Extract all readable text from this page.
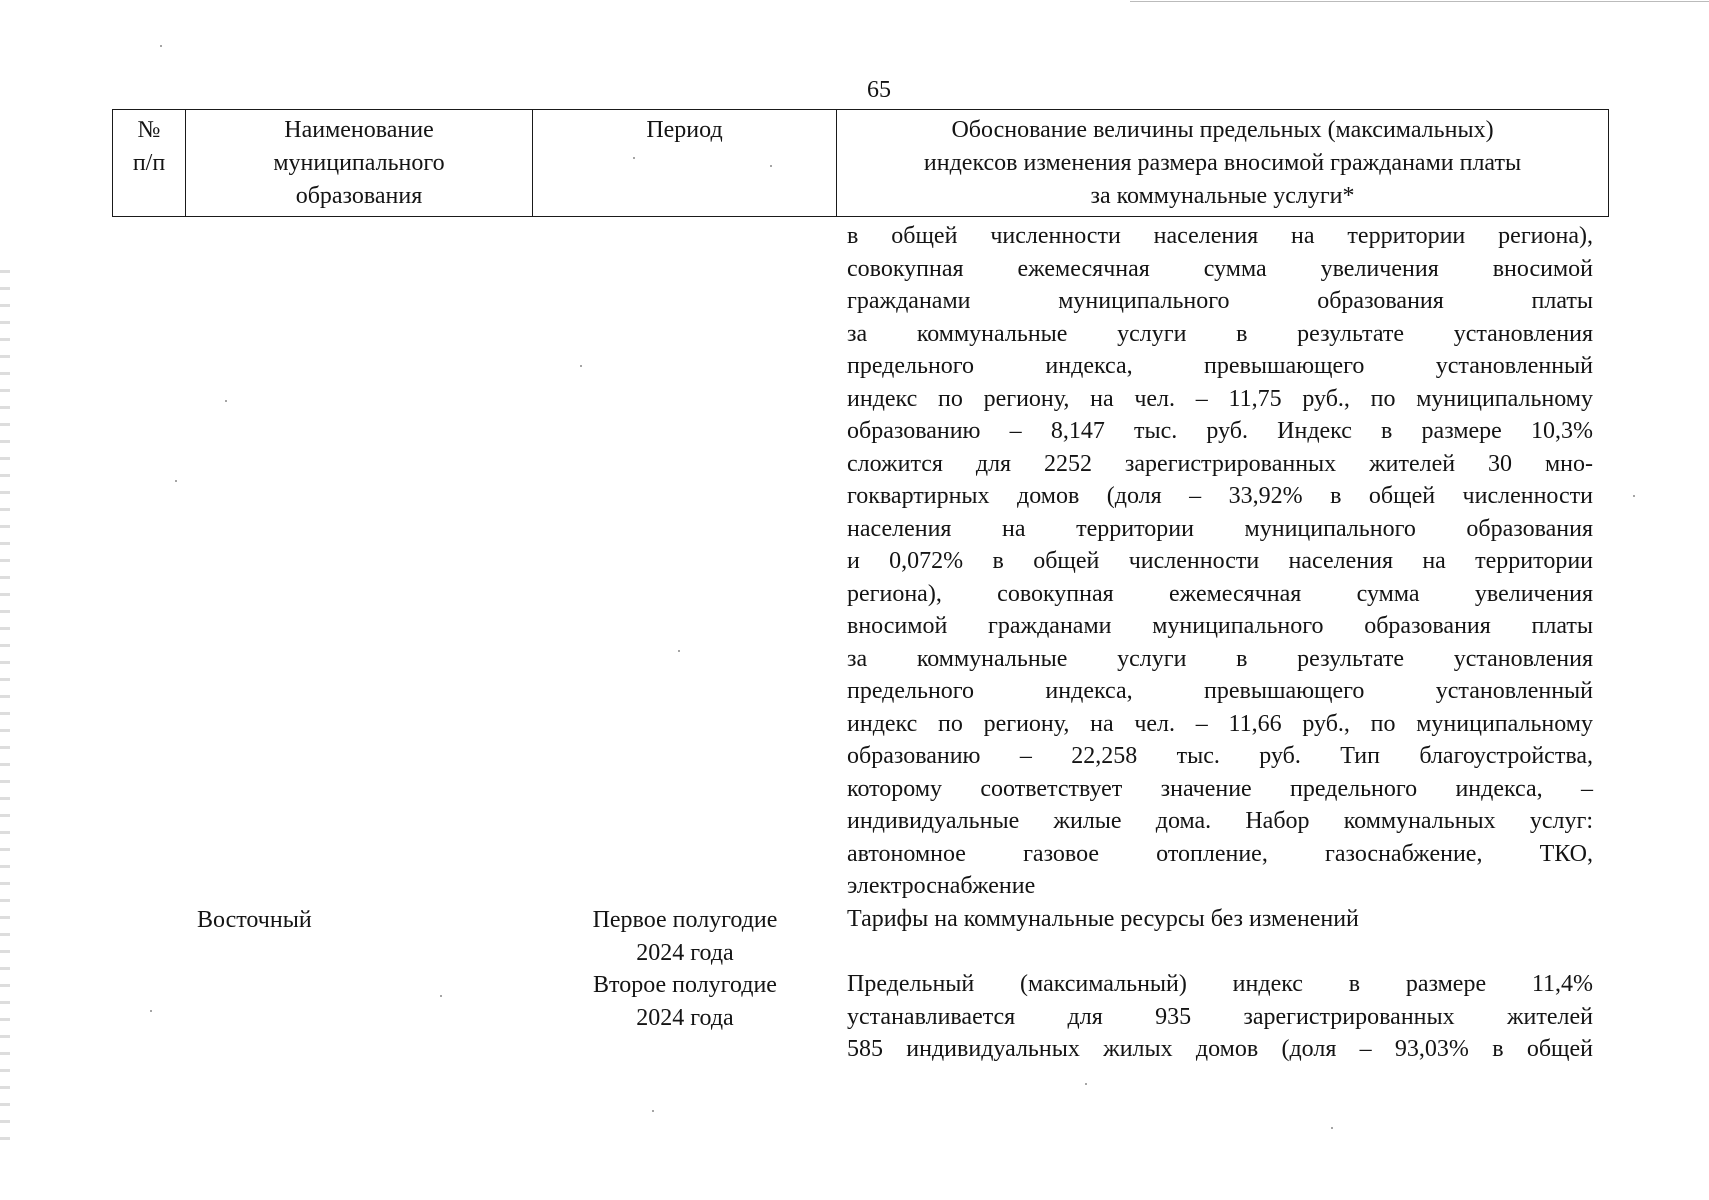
65
№
п/п
Наименование
муниципального
образования
Период	Обоснование величины предельных (максимальных)
индексов изменения размера вносимой гражданами платы
за коммунальные услуги*
в общей численности населения на территории региона),
совокупная ежемесячная сумма увеличения вносимой
гражданами муниципального образования платы
за коммунальные услуги в результате установления
предельного индекса, превышающего установленный
индекс по региону, на чел. – 11,75 руб., по муниципальному
образованию – 8,147 тыс. руб. Индекс в размере 10,3%
сложится для 2252 зарегистрированных жителей 30 мно-
гоквартирных домов (доля – 33,92% в общей численности
населения на территории муниципального образования
и 0,072% в общей численности населения на территории
региона), совокупная ежемесячная сумма увеличения
вносимой гражданами муниципального образования платы
за коммунальные услуги в результате установления
предельного индекса, превышающего установленный
индекс по региону, на чел. – 11,66 руб., по муниципальному
образованию – 22,258 тыс. руб. Тип благоустройства,
которому соответствует значение предельного индекса, –
индивидуальные жилые дома. Набор коммунальных услуг:
автономное газовое отопление, газоснабжение, ТКО,
электроснабжение
Восточный	Первое полугодие
2024 года
Тарифы на коммунальные ресурсы без изменений
Второе полугодие
2024 года
Предельный (максимальный) индекс в размере 11,4%
устанавливается для 935 зарегистрированных жителей
585 индивидуальных жилых домов (доля – 93,03% в общей
